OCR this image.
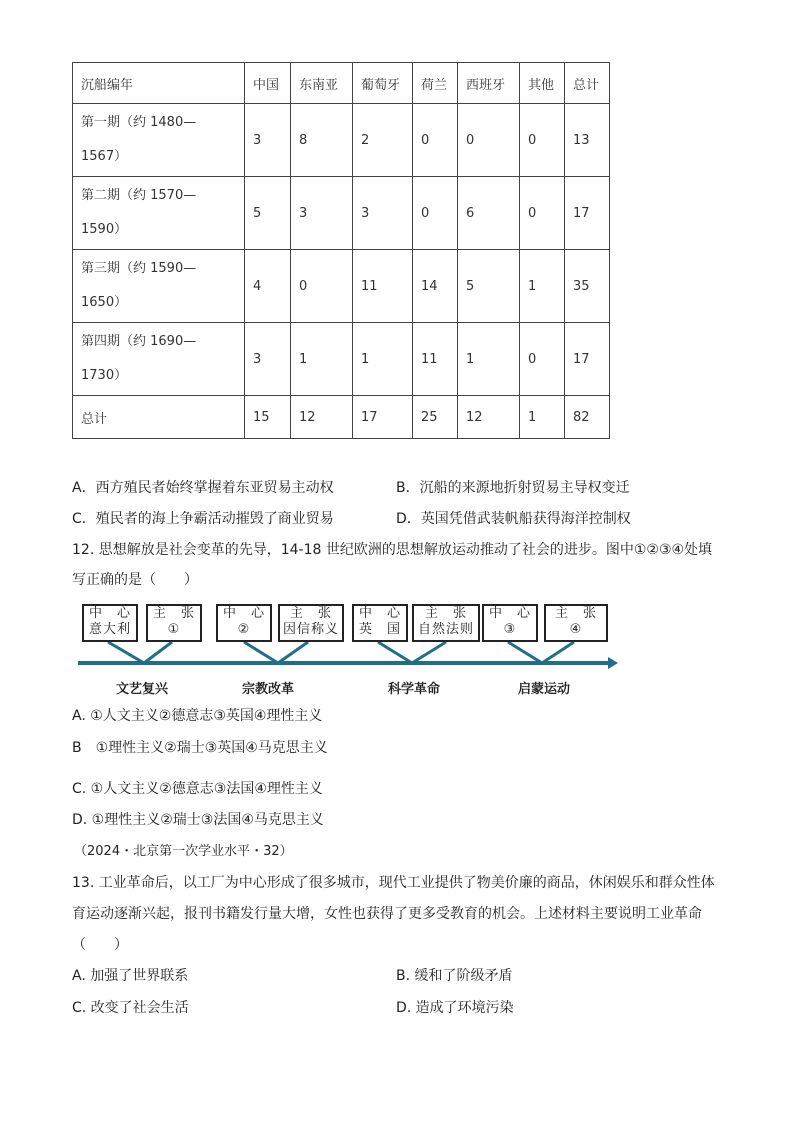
沉船编年	中国	东南亚	葡萄牙	荷兰	西班牙	其他	总计
第一期（约 1480—
1567）	3	8	2	0	0	0	13
第二期（约 1570—
1590）	5	3	3	0	6	0	17
第三期（约 1590—
1650）	4	0	11	14	5	1	35
第四期（约 1690—
1730）	3	1	1	11	1	0	17
总计	15	12	17	25	12	1	82
A．西方殖民者始终掌握着东亚贸易主动权	B．沉船的来源地折射贸易主导权变迁
C．殖民者的海上争霸活动摧毁了商业贸易	D．英国凭借武装帆船获得海洋控制权
12. 思想解放是社会变革的先导，14-18 世纪欧洲的思想解放运动推动了社会的进步。图中①②③④处填
写正确的是（　　）
中　心
意大利
主　张
①
中　心
②
主　张
因信称义
中　心
英　国
主　张
自然法则
中　心
③
主　张
④
文艺复兴	宗教改革	科学革命	启蒙运动
A. ①人文主义②德意志③英国④理性主义
B　①理性主义②瑞士③英国④马克思主义
C. ①人文主义②德意志③法国④理性主义
D. ①理性主义②瑞士③法国④马克思主义
（2024・北京第一次学业水平・32）
13. 工业革命后，以工厂为中心形成了很多城市，现代工业提供了物美价廉的商品，休闲娱乐和群众性体
育运动逐渐兴起，报刊书籍发行量大增，女性也获得了更多受教育的机会。上述材料主要说明工业革命
（　　）
A. 加强了世界联系	B. 缓和了阶级矛盾
C. 改变了社会生活	D. 造成了环境污染
